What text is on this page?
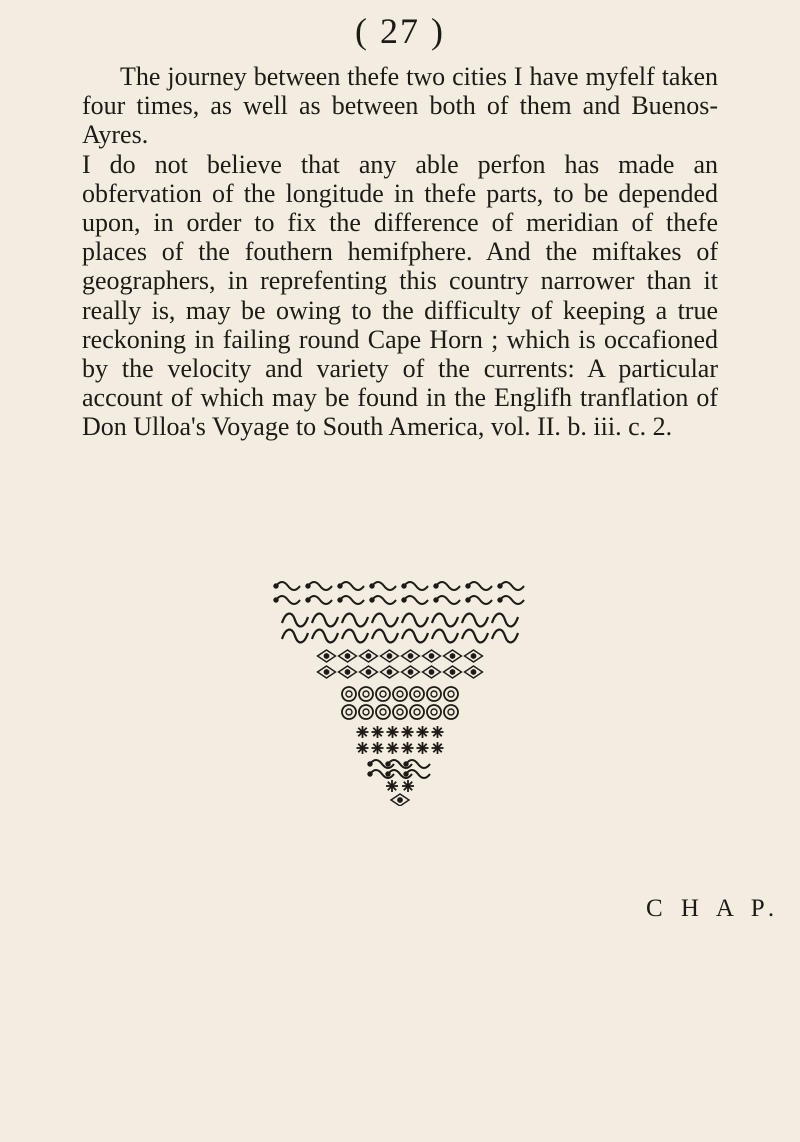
( 27 )

The journey between thefe two cities I have myfelf taken four times, as well as between both of them and Buenos-Ayres.

I do not believe that any able perfon has made an obfervation of the longitude in thefe parts, to be depended upon, in order to fix the difference of meridian of thefe places of the fouthern hemifphere. And the miftakes of geographers, in reprefenting this country narrower than it really is, may be owing to the difficulty of keeping a true reckoning in failing round Cape Horn ; which is occafioned by the velocity and variety of the currents: A particular account of which may be found in the Englifh tranflation of Don Ulloa's Voyage to South America, vol. II. b. iii. c. 2.

C H A P.
